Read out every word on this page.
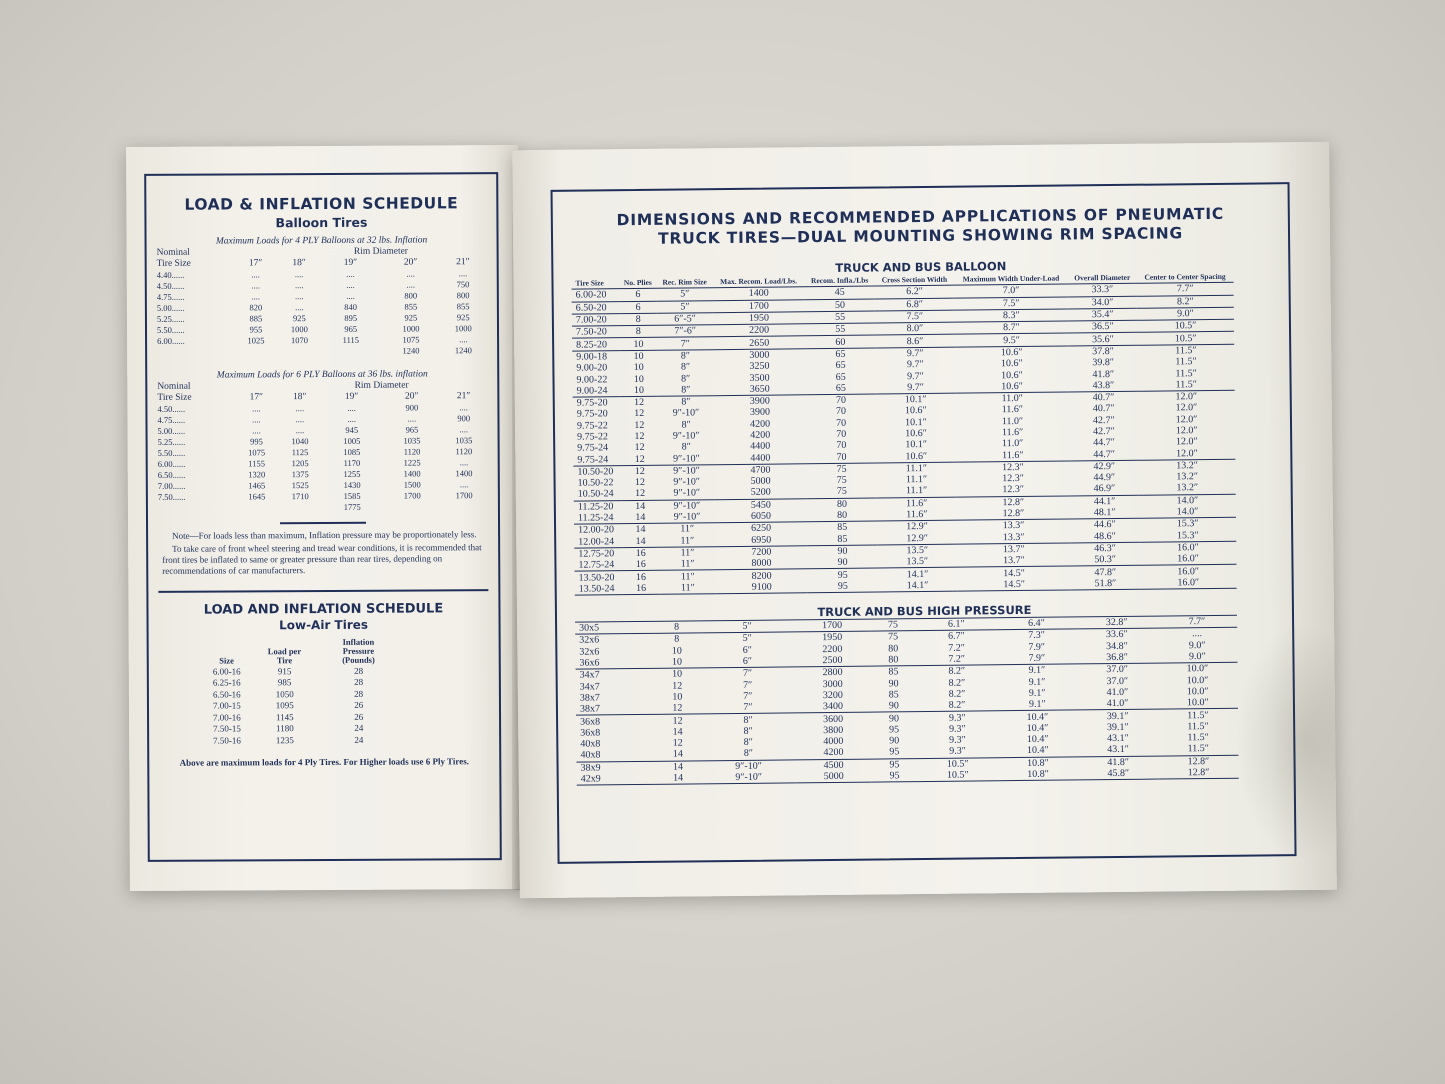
LOAD & INFLATION SCHEDULE
Balloon Tires
Maximum Loads for 4 PLY Balloons at 32 lbs. Inflation
Nominal			Rim Diameter		
Tire Size	17″	18″	19″	20″	21″
4.40......	....	....	....	....	....
4.50......	....	....	....	....	750
4.75......	....	....	....	800	800
5.00......	820	....	840	855	855
5.25......	885	925	895	925	925
5.50......	955	1000	965	1000	1000
6.00......	1025	1070	1115	1075	....
				1240	1240
Maximum Loads for 6 PLY Balloons at 36 lbs. inflation
Nominal			Rim Diameter		
Tire Size	17″	18″	19″	20″	21″
4.50......	....	....	....	900	....
4.75......	....	....	....	....	900
5.00......	....	....	945	965	....
5.25......	995	1040	1005	1035	1035
5.50......	1075	1125	1085	1120	1120
6.00......	1155	1205	1170	1225	....
6.50......	1320	1375	1255	1400	1400
7.00......	1465	1525	1430	1500	....
7.50......	1645	1710	1585	1700	1700
			1775		

Note—For loads less than maximum, Inflation pressure may be proportionately less.

To take care of front wheel steering and tread wear conditions, it is recommended that front tires be inflated to same or greater pressure than rear tires, depending on recommendations of car manufacturers.

LOAD AND INFLATION SCHEDULE
Low-Air Tires
Size	Load per Tire	Inflation Pressure (Pounds)
6.00-16	915	28
6.25-16	985	28
6.50-16	1050	28
7.00-15	1095	26
7.00-16	1145	26
7.50-15	1180	24
7.50-16	1235	24
Above are maximum loads for 4 Ply Tires. For Higher loads use 6 Ply Tires.
DIMENSIONS AND RECOMMENDED APPLICATIONS OF PNEUMATIC
TRUCK TIRES—DUAL MOUNTING SHOWING RIM SPACING
TRUCK AND BUS BALLOON
Tire Size	No. Plies	Rec. Rim Size	Max. Recom. Load/Lbs.	Recom. Infla./Lbs	Cross Section Width	Maximum Width Under-Load	Overall Diameter	Center to Center Spacing
6.00-20	6	5″	1400	45	6.2″	7.0″	33.3″	7.7″
6.50-20	6	5″	1700	50	6.8″	7.5″	34.0″	8.2″
7.00-20	8	6″-5″	1950	55	7.5″	8.3″	35.4″	9.0″
7.50-20	8	7″-6″	2200	55	8.0″	8.7″	36.5″	10.5″
8.25-20	10	7″	2650	60	8.6″	9.5″	35.6″	10.5″
9.00-18	10	8″	3000	65	9.7″	10.6″	37.8″	11.5″
9.00-20	10	8″	3250	65	9.7″	10.6″	39.8″	11.5″
9.00-22	10	8″	3500	65	9.7″	10.6″	41.8″	11.5″
9.00-24	10	8″	3650	65	9.7″	10.6″	43.8″	11.5″
9.75-20	12	8″	3900	70	10.1″	11.0″	40.7″	12.0″
9.75-20	12	9″-10″	3900	70	10.6″	11.6″	40.7″	12.0″
9.75-22	12	8″	4200	70	10.1″	11.0″	42.7″	12.0″
9.75-22	12	9″-10″	4200	70	10.6″	11.6″	42.7″	12.0″
9.75-24	12	8″	4400	70	10.1″	11.0″	44.7″	12.0″
9.75-24	12	9″-10″	4400	70	10.6″	11.6″	44.7″	12.0″
10.50-20	12	9″-10″	4700	75	11.1″	12.3″	42.9″	13.2″
10.50-22	12	9″-10″	5000	75	11.1″	12.3″	44.9″	13.2″
10.50-24	12	9″-10″	5200	75	11.1″	12.3″	46.9″	13.2″
11.25-20	14	9″-10″	5450	80	11.6″	12.8″	44.1″	14.0″
11.25-24	14	9″-10″	6050	80	11.6″	12.8″	48.1″	14.0″
12.00-20	14	11″	6250	85	12.9″	13.3″	44.6″	15.3″
12.00-24	14	11″	6950	85	12.9″	13.3″	48.6″	15.3″
12.75-20	16	11″	7200	90	13.5″	13.7″	46.3″	16.0″
12.75-24	16	11″	8000	90	13.5″	13.7″	50.3″	16.0″
13.50-20	16	11″	8200	95	14.1″	14.5″	47.8″	16.0″
13.50-24	16	11″	9100	95	14.1″	14.5″	51.8″	16.0″
TRUCK AND BUS HIGH PRESSURE
30x5	8	5″	1700	75	6.1″	6.4″	32.8″	7.7″
32x6	8	5″	1950	75	6.7″	7.3″	33.6″	....
32x6	10	6″	2200	80	7.2″	7.9″	34.8″	9.0″
36x6	10	6″	2500	80	7.2″	7.9″	36.8″	9.0″
34x7	10	7″	2800	85	8.2″	9.1″	37.0″	10.0″
34x7	12	7″	3000	90	8.2″	9.1″	37.0″	10.0″
38x7	10	7″	3200	85	8.2″	9.1″	41.0″	10.0″
38x7	12	7″	3400	90	8.2″	9.1″	41.0″	10.0″
36x8	12	8″	3600	90	9.3″	10.4″	39.1″	11.5″
36x8	14	8″	3800	95	9.3″	10.4″	39.1″	11.5″
40x8	12	8″	4000	90	9.3″	10.4″	43.1″	11.5″
40x8	14	8″	4200	95	9.3″	10.4″	43.1″	11.5″
38x9	14	9″-10″	4500	95	10.5″	10.8″	41.8″	12.8″
42x9	14	9″-10″	5000	95	10.5″	10.8″	45.8″	12.8″
